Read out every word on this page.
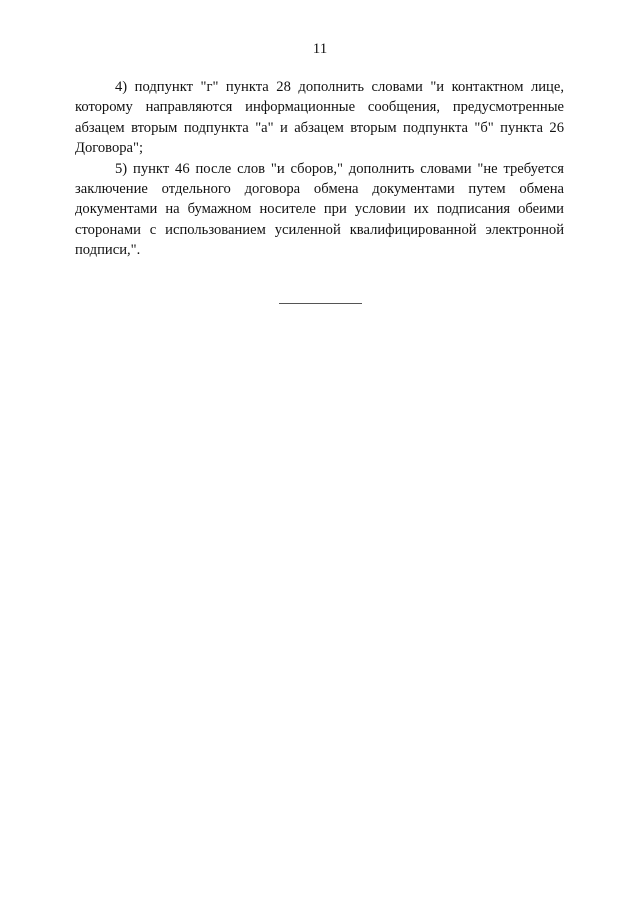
11

4) подпункт "г" пункта 28 дополнить словами "и контактном лице, которому направляются информационные сообщения, предусмотренные абзацем вторым подпункта "а" и абзацем вторым подпункта "б" пункта 26 Договора";

5) пункт 46 после слов "и сборов," дополнить словами "не требуется заключение отдельного договора обмена документами путем обмена документами на бумажном носителе при условии их подписания обеими сторонами с использованием усиленной квалифицированной электронной подписи,".
